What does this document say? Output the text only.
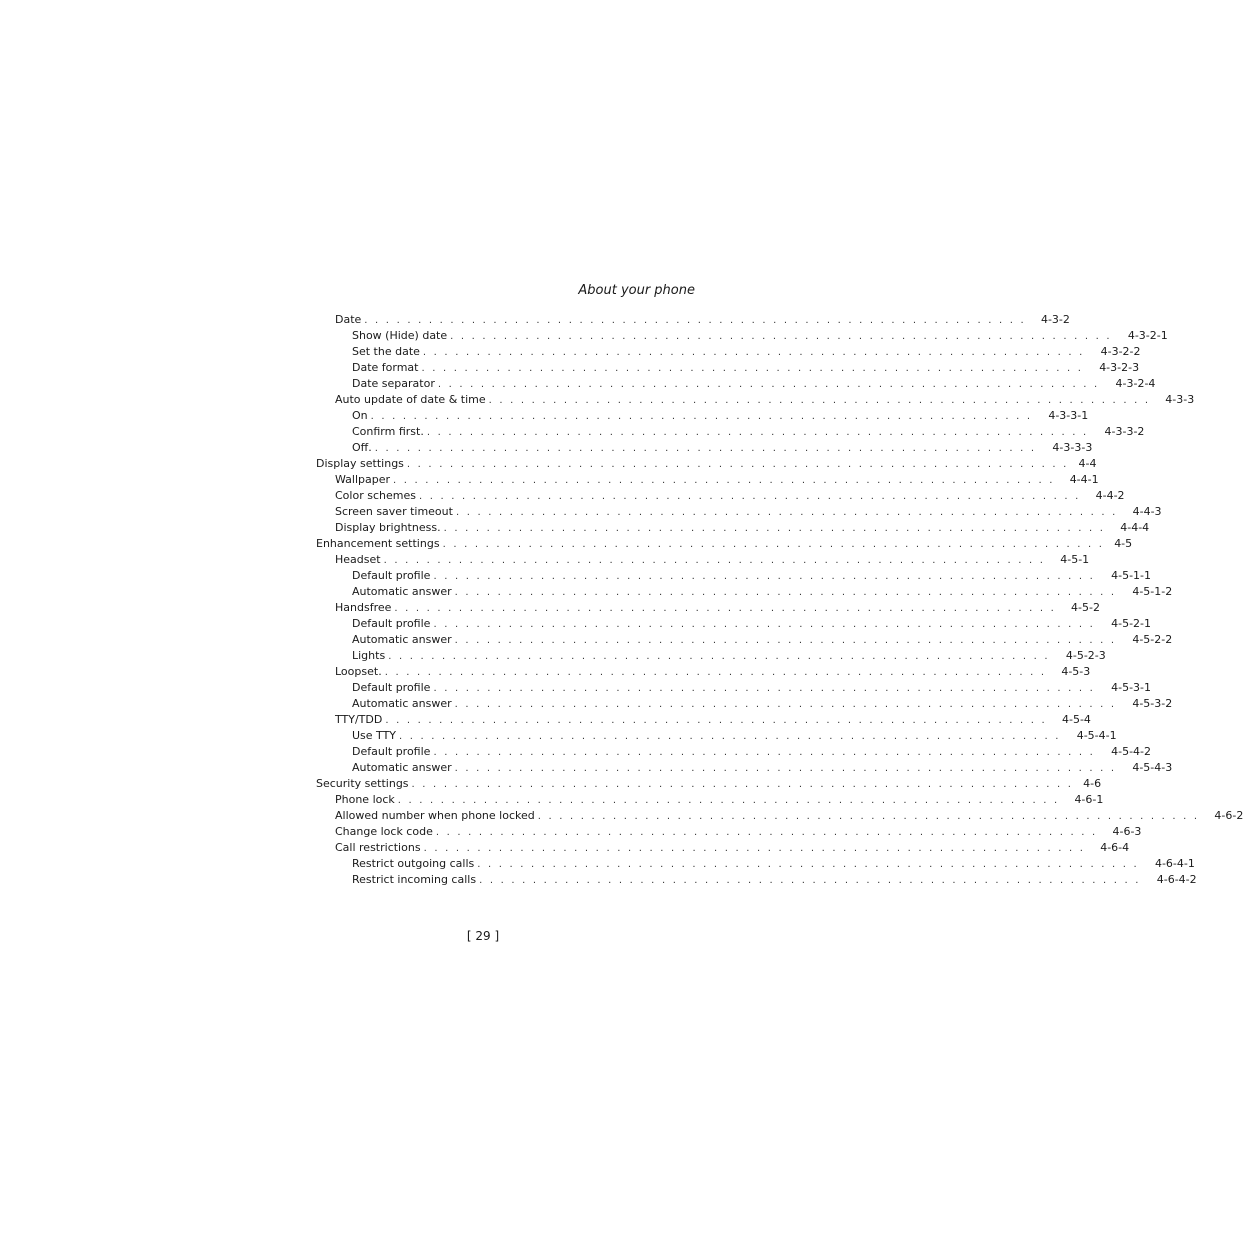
About your phone
Date . . . . . . . . . . . . . . . . . . . . . . . . . . . . . . . . . . . . . . . . . . . . . . . . . . . . . . . . . . . . . .	4-3-2
Show (Hide) date . . . . . . . . . . . . . . . . . . . . . . . . . . . . . . . . . . . . . . . . . . . . . . . . . . . . . . . . . . . . . .	4-3-2-1
Set the date . . . . . . . . . . . . . . . . . . . . . . . . . . . . . . . . . . . . . . . . . . . . . . . . . . . . . . . . . . . . . .	4-3-2-2
Date format . . . . . . . . . . . . . . . . . . . . . . . . . . . . . . . . . . . . . . . . . . . . . . . . . . . . . . . . . . . . . .	4-3-2-3
Date separator . . . . . . . . . . . . . . . . . . . . . . . . . . . . . . . . . . . . . . . . . . . . . . . . . . . . . . . . . . . . . .	4-3-2-4
Auto update of date & time . . . . . . . . . . . . . . . . . . . . . . . . . . . . . . . . . . . . . . . . . . . . . . . . . . . . . . . . . . . . . .	4-3-3
On . . . . . . . . . . . . . . . . . . . . . . . . . . . . . . . . . . . . . . . . . . . . . . . . . . . . . . . . . . . . . .	4-3-3-1
Confirm first. . . . . . . . . . . . . . . . . . . . . . . . . . . . . . . . . . . . . . . . . . . . . . . . . . . . . . . . . . . . . . .	4-3-3-2
Off. . . . . . . . . . . . . . . . . . . . . . . . . . . . . . . . . . . . . . . . . . . . . . . . . . . . . . . . . . . . . . .	4-3-3-3
Display settings . . . . . . . . . . . . . . . . . . . . . . . . . . . . . . . . . . . . . . . . . . . . . . . . . . . . . . . . . . . . . . 4-4
Wallpaper . . . . . . . . . . . . . . . . . . . . . . . . . . . . . . . . . . . . . . . . . . . . . . . . . . . . . . . . . . . . . .	4-4-1
Color schemes . . . . . . . . . . . . . . . . . . . . . . . . . . . . . . . . . . . . . . . . . . . . . . . . . . . . . . . . . . . . . .	4-4-2
Screen saver timeout . . . . . . . . . . . . . . . . . . . . . . . . . . . . . . . . . . . . . . . . . . . . . . . . . . . . . . . . . . . . . .	4-4-3
Display brightness. . . . . . . . . . . . . . . . . . . . . . . . . . . . . . . . . . . . . . . . . . . . . . . . . . . . . . . . . . . . . . .	4-4-4
Enhancement settings . . . . . . . . . . . . . . . . . . . . . . . . . . . . . . . . . . . . . . . . . . . . . . . . . . . . . . . . . . . . . . 4-5
Headset . . . . . . . . . . . . . . . . . . . . . . . . . . . . . . . . . . . . . . . . . . . . . . . . . . . . . . . . . . . . . .	4-5-1
Default profile . . . . . . . . . . . . . . . . . . . . . . . . . . . . . . . . . . . . . . . . . . . . . . . . . . . . . . . . . . . . . .	4-5-1-1
Automatic answer . . . . . . . . . . . . . . . . . . . . . . . . . . . . . . . . . . . . . . . . . . . . . . . . . . . . . . . . . . . . . .	4-5-1-2
Handsfree . . . . . . . . . . . . . . . . . . . . . . . . . . . . . . . . . . . . . . . . . . . . . . . . . . . . . . . . . . . . . .	4-5-2
Default profile . . . . . . . . . . . . . . . . . . . . . . . . . . . . . . . . . . . . . . . . . . . . . . . . . . . . . . . . . . . . . .	4-5-2-1
Automatic answer . . . . . . . . . . . . . . . . . . . . . . . . . . . . . . . . . . . . . . . . . . . . . . . . . . . . . . . . . . . . . .	4-5-2-2
Lights . . . . . . . . . . . . . . . . . . . . . . . . . . . . . . . . . . . . . . . . . . . . . . . . . . . . . . . . . . . . . .	4-5-2-3
Loopset. . . . . . . . . . . . . . . . . . . . . . . . . . . . . . . . . . . . . . . . . . . . . . . . . . . . . . . . . . . . . . .	4-5-3
Default profile . . . . . . . . . . . . . . . . . . . . . . . . . . . . . . . . . . . . . . . . . . . . . . . . . . . . . . . . . . . . . .	4-5-3-1
Automatic answer . . . . . . . . . . . . . . . . . . . . . . . . . . . . . . . . . . . . . . . . . . . . . . . . . . . . . . . . . . . . . .	4-5-3-2
TTY/TDD . . . . . . . . . . . . . . . . . . . . . . . . . . . . . . . . . . . . . . . . . . . . . . . . . . . . . . . . . . . . . .	4-5-4
Use TTY . . . . . . . . . . . . . . . . . . . . . . . . . . . . . . . . . . . . . . . . . . . . . . . . . . . . . . . . . . . . . .	4-5-4-1
Default profile . . . . . . . . . . . . . . . . . . . . . . . . . . . . . . . . . . . . . . . . . . . . . . . . . . . . . . . . . . . . . .	4-5-4-2
Automatic answer . . . . . . . . . . . . . . . . . . . . . . . . . . . . . . . . . . . . . . . . . . . . . . . . . . . . . . . . . . . . . .	4-5-4-3
Security settings . . . . . . . . . . . . . . . . . . . . . . . . . . . . . . . . . . . . . . . . . . . . . . . . . . . . . . . . . . . . . . 4-6
Phone lock . . . . . . . . . . . . . . . . . . . . . . . . . . . . . . . . . . . . . . . . . . . . . . . . . . . . . . . . . . . . . .	4-6-1
Allowed number when phone locked . . . . . . . . . . . . . . . . . . . . . . . . . . . . . . . . . . . . . . . . . . . . . . . . . . . . . . . . . . . . . .	4-6-2
Change lock code . . . . . . . . . . . . . . . . . . . . . . . . . . . . . . . . . . . . . . . . . . . . . . . . . . . . . . . . . . . . . .	4-6-3
Call restrictions . . . . . . . . . . . . . . . . . . . . . . . . . . . . . . . . . . . . . . . . . . . . . . . . . . . . . . . . . . . . . .	4-6-4
Restrict outgoing calls . . . . . . . . . . . . . . . . . . . . . . . . . . . . . . . . . . . . . . . . . . . . . . . . . . . . . . . . . . . . . .	4-6-4-1
Restrict incoming calls . . . . . . . . . . . . . . . . . . . . . . . . . . . . . . . . . . . . . . . . . . . . . . . . . . . . . . . . . . . . . .	4-6-4-2
[ 29 ]
